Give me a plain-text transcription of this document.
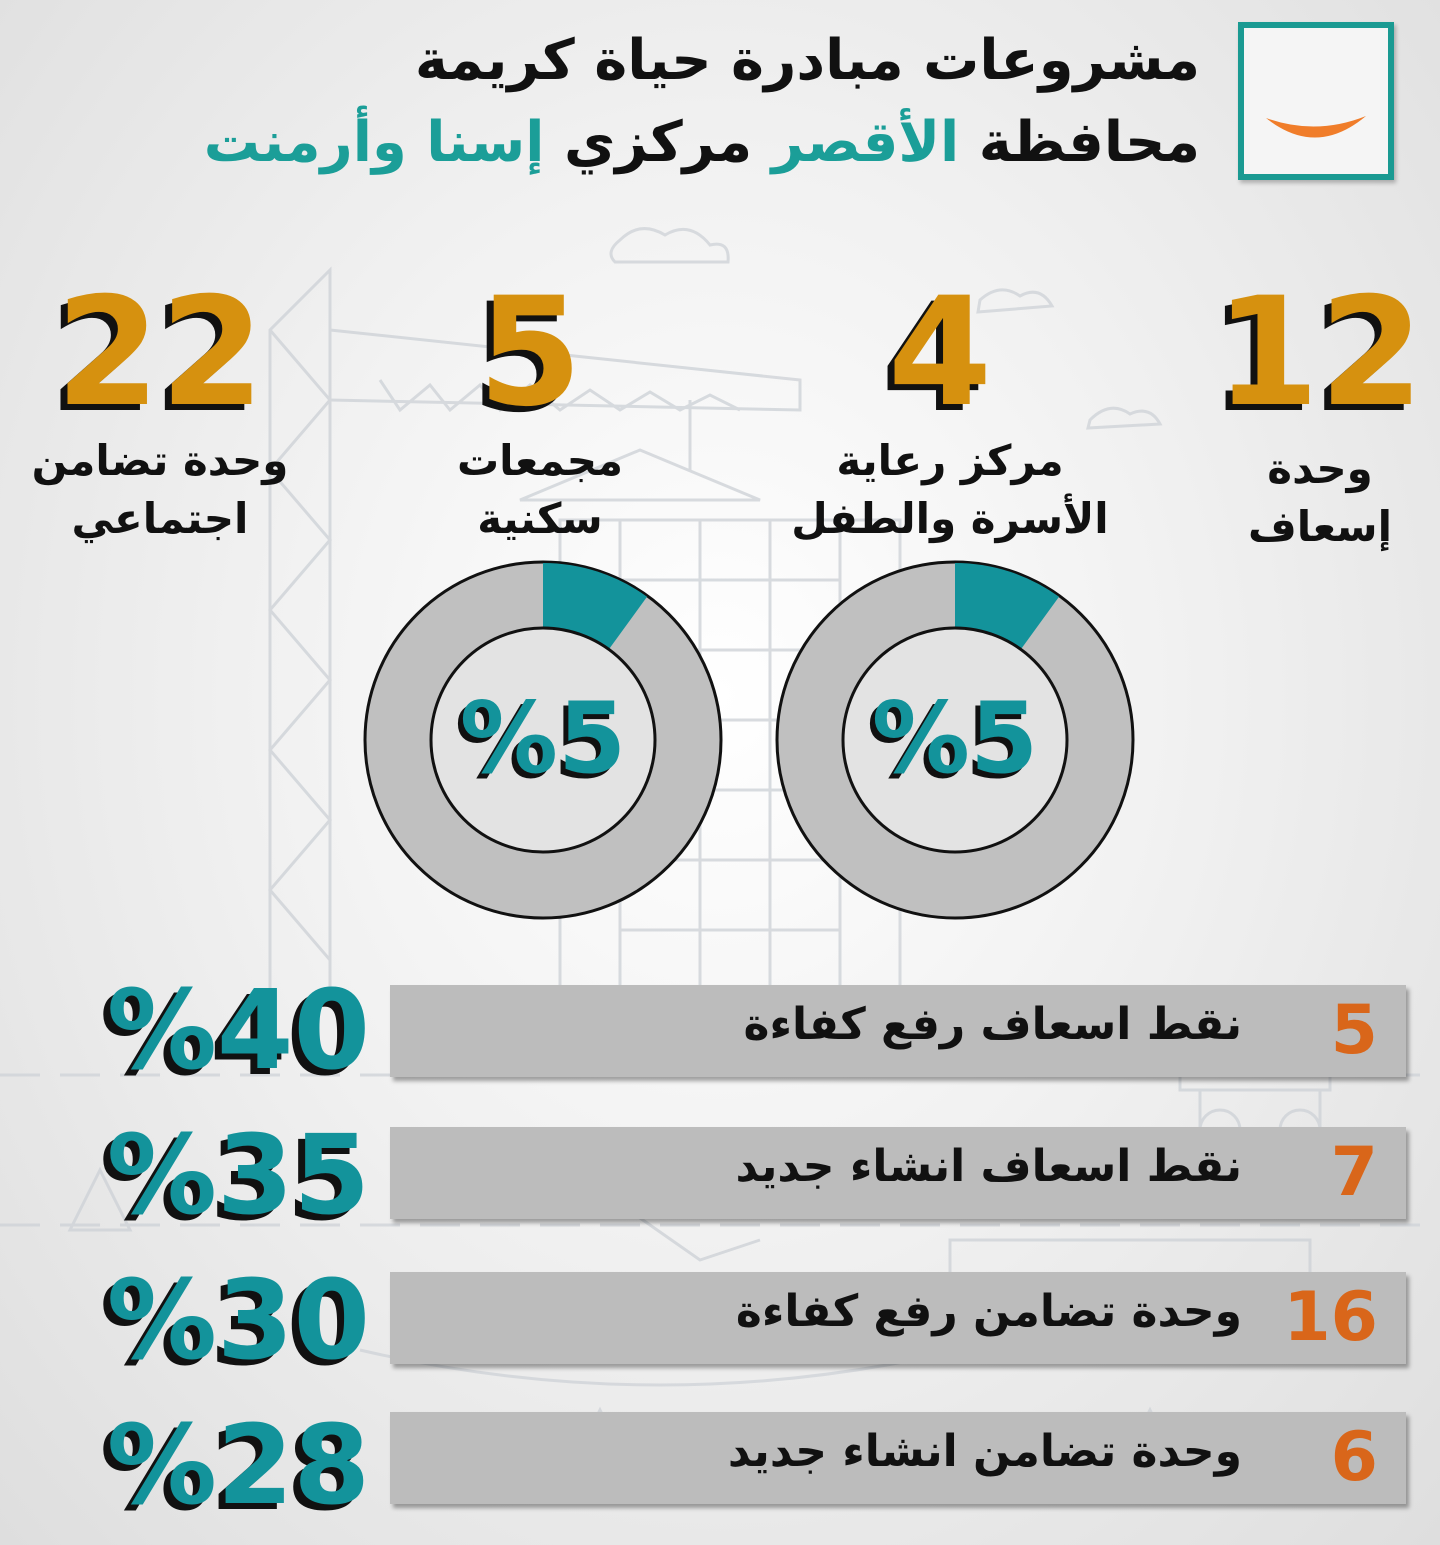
مشروعات مبادرة حياة كريمة
محافظة الأقصر مركزي إسنا وأرمنت
12
وحدة
إسعاف
4
مركز رعاية
الأسرة والطفل
5
مجمعات
سكنية
22
وحدة تضامن
اجتماعي
%5
%5
نقط اسعاف رفع كفاءة 5
%40
نقط اسعاف انشاء جديد 7
%35
وحدة تضامن رفع كفاءة 16
%30
وحدة تضامن انشاء جديد 6
%28
